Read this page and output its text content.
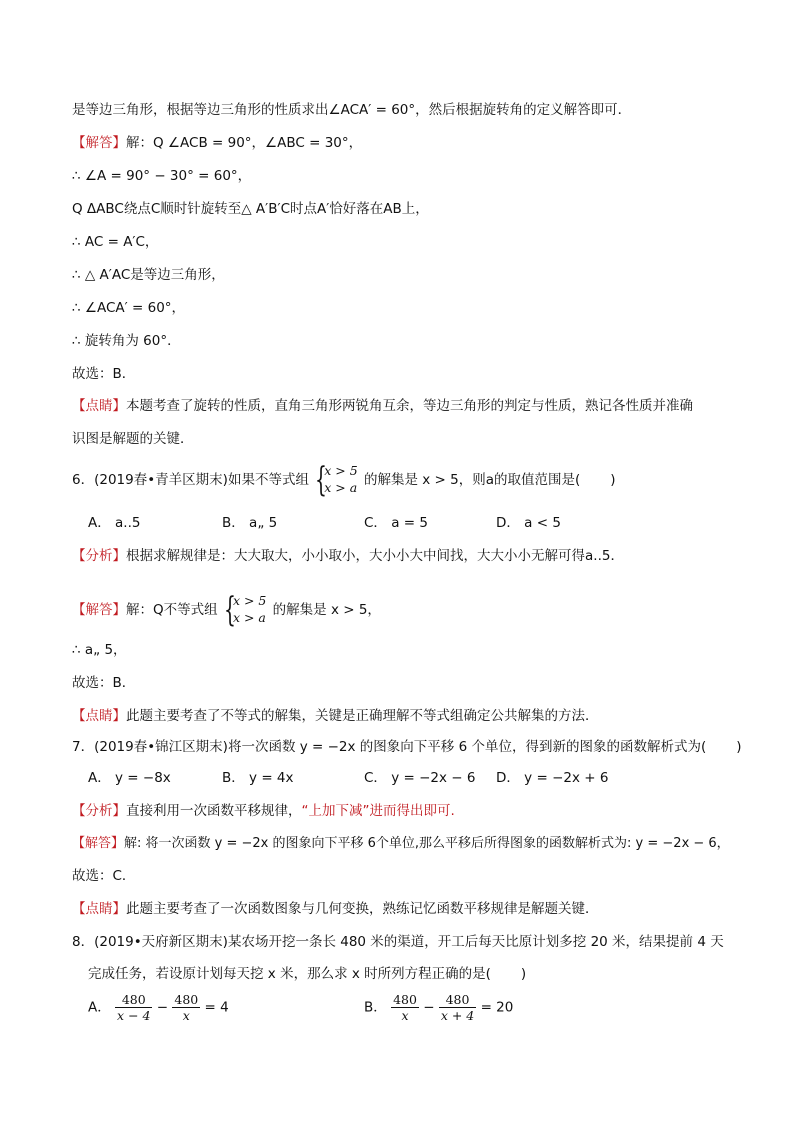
是等边三角形，根据等边三角形的性质求出∠ACA′ = 60°，然后根据旋转角的定义解答即可．
【解答】解：Q ∠ACB = 90°，∠ABC = 30°，
∴ ∠A = 90° − 30° = 60°，
Q ΔABC绕点C顺时针旋转至△ A′B′C时点A′恰好落在AB上，
∴ AC = A′C，
∴ △ A′AC是等边三角形，
∴ ∠ACA′ = 60°，
∴ 旋转角为 60°．
故选：B．
【点睛】本题考查了旋转的性质，直角三角形两锐角互余，等边三角形的判定与性质，熟记各性质并准确
识图是解题的关键．
6．(2019春•青羊区期末)如果不等式组 {
x > 5
x > a 的解集是 x > 5，则a的取值范围是( )
A． a..5	B． a„ 5	C． a = 5	D． a < 5
【分析】根据求解规律是：大大取大，小小取小，大小小大中间找，大大小小无解可得a..5．
【解答】解：Q不等式组 {
x > 5
x > a 的解集是 x > 5，
∴ a„ 5，
故选：B．
【点睛】此题主要考查了不等式的解集，关键是正确理解不等式组确定公共解集的方法．
7．(2019春•锦江区期末)将一次函数 y = −2x 的图象向下平移 6 个单位，得到新的图象的函数解析式为( )
A． y = −8x	B． y = 4x	C． y = −2x − 6 D． y = −2x + 6
【分析】直接利用一次函数平移规律，“上加下减”进而得出即可.
【解答】解: 将一次函数 y = −2x 的图象向下平移 6个单位,那么平移后所得图象的函数解析式为: y = −2x − 6，
故选：C．
【点睛】此题主要考查了一次函数图象与几何变换，熟练记忆函数平移规律是解题关键．
8．(2019•天府新区期末)某农场开挖一条长 480 米的渠道，开工后每天比原计划多挖 20 米，结果提前 4 天
完成任务，若设原计划每天挖 x 米，那么求 x 时所列方程正确的是( )
A． $\frac{480}{x - 4} - \frac{480}{x} = 4$	B． $\frac{480}{x} - \frac{480}{x + 4} = 20$
